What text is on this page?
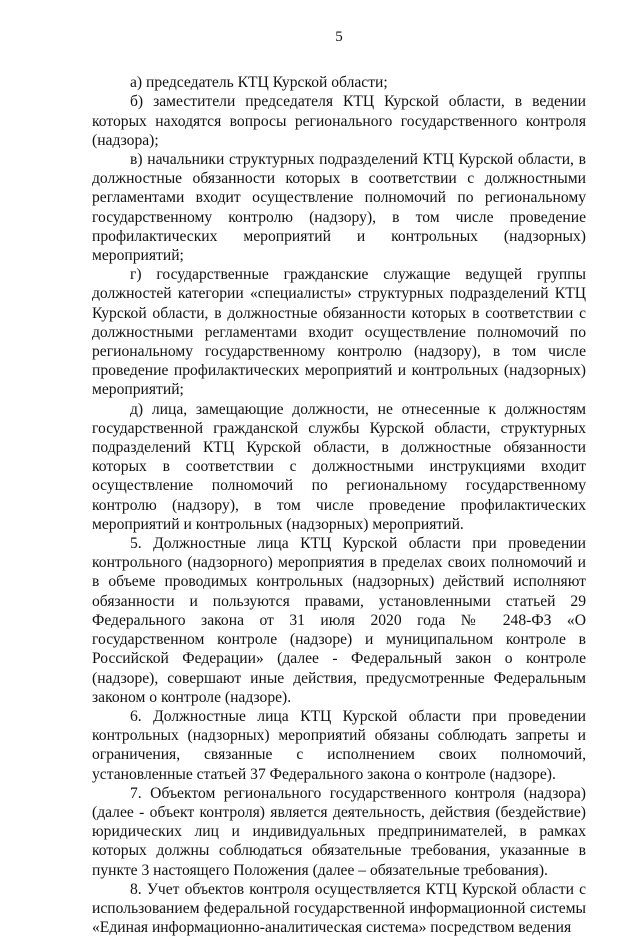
5

а) председатель КТЦ Курской области;

б) заместители председателя КТЦ Курской области, в ведении которых находятся вопросы регионального государственного контроля (надзора);

в) начальники структурных подразделений КТЦ Курской области, в должностные обязанности которых в соответствии с должностными регламентами входит осуществление полномочий по региональному государственному контролю (надзору), в том числе проведение профилактических мероприятий и контрольных (надзорных) мероприятий;

г) государственные гражданские служащие ведущей группы должностей категории «специалисты» структурных подразделений КТЦ Курской области, в должностные обязанности которых в соответствии с должностными регламентами входит осуществление полномочий по региональному государственному контролю (надзору), в том числе проведение профилактических мероприятий и контрольных (надзорных) мероприятий;

д) лица, замещающие должности, не отнесенные к должностям государственной гражданской службы Курской области, структурных подразделений КТЦ Курской области, в должностные обязанности которых в соответствии с должностными инструкциями входит осуществление полномочий по региональному государственному контролю (надзору), в том числе проведение профилактических мероприятий и контрольных (надзорных) мероприятий.

5. Должностные лица КТЦ Курской области при проведении контрольного (надзорного) мероприятия в пределах своих полномочий и в объеме проводимых контрольных (надзорных) действий исполняют обязанности и пользуются правами, установленными статьей 29 Федерального закона от 31 июля 2020 года № 248-ФЗ «О государственном контроле (надзоре) и муниципальном контроле в Российской Федерации» (далее - Федеральный закон о контроле (надзоре), совершают иные действия, предусмотренные Федеральным законом о контроле (надзоре).

6. Должностные лица КТЦ Курской области при проведении контрольных (надзорных) мероприятий обязаны соблюдать запреты и ограничения, связанные с исполнением своих полномочий, установленные статьей 37 Федерального закона о контроле (надзоре).

7. Объектом регионального государственного контроля (надзора) (далее - объект контроля) является деятельность, действия (бездействие) юридических лиц и индивидуальных предпринимателей, в рамках которых должны соблюдаться обязательные требования, указанные в пункте 3 настоящего Положения (далее – обязательные требования).

8. Учет объектов контроля осуществляется КТЦ Курской области с использованием федеральной государственной информационной системы «Единая информационно-аналитическая система» посредством ведения
